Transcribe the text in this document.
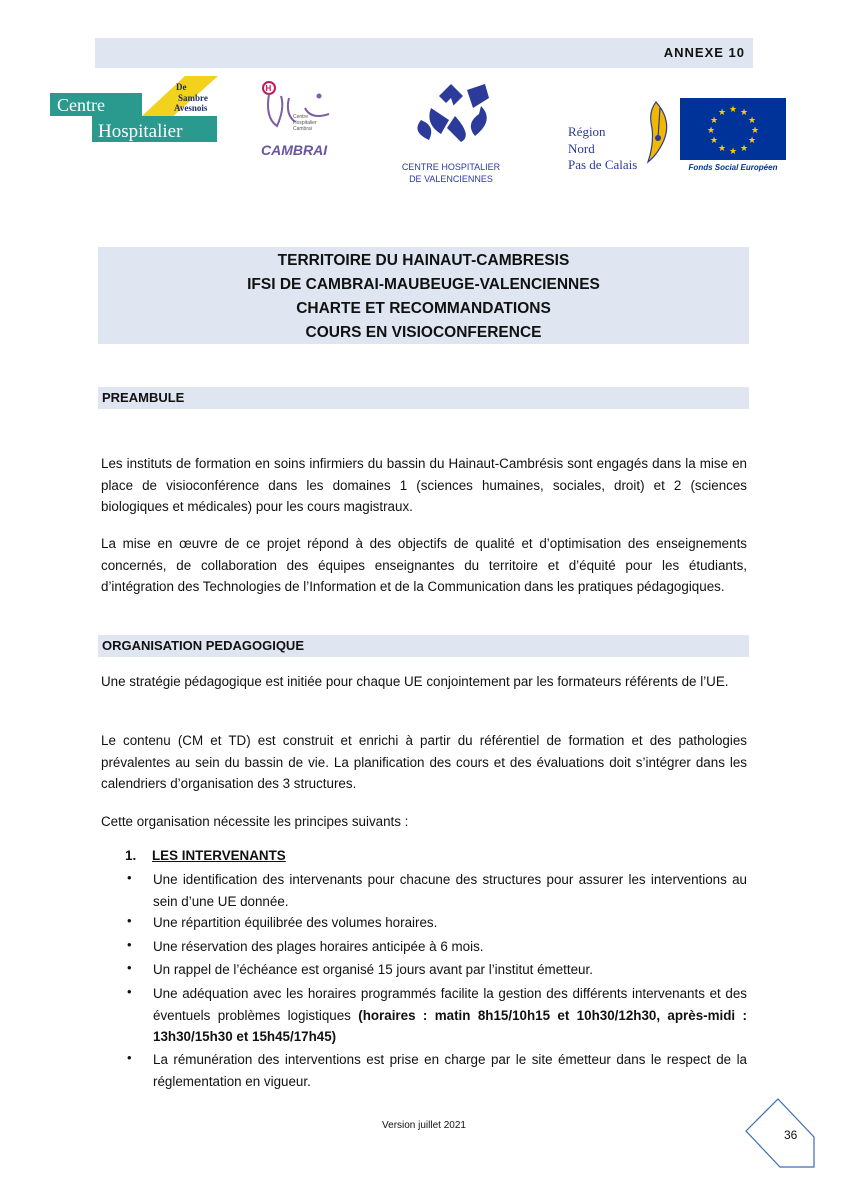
ANNEXE 10
Centre
Hospitalier
De
Sambre
Avesnois
H
Centre
Hospitalier
Cambrai
CAMBRAI
CENTRE HOSPITALIER
DE VALENCIENNES
Région
Nord
Pas de Calais
★ ★
★
★
★
★
★
★
★
★
★
★
Fonds Social Européen
TERRITOIRE DU HAINAUT-CAMBRESIS
IFSI DE CAMBRAI-MAUBEUGE-VALENCIENNES
CHARTE ET RECOMMANDATIONS
COURS EN VISIOCONFERENCE
PREAMBULE
Les instituts de formation en soins infirmiers du bassin du Hainaut-Cambrésis sont engagés dans la mise en place de visioconférence dans les domaines 1 (sciences humaines, sociales, droit) et 2 (sciences biologiques et médicales) pour les cours magistraux.
La mise en œuvre de ce projet répond à des objectifs de qualité et d’optimisation des enseignements concernés, de collaboration des équipes enseignantes du territoire et d’équité pour les étudiants, d’intégration des Technologies de l’Information et de la Communication dans les pratiques pédagogiques.
ORGANISATION PEDAGOGIQUE
Une stratégie pédagogique est initiée pour chaque UE conjointement par les formateurs référents de l’UE.
Le contenu (CM et TD) est construit et enrichi à partir du référentiel de formation et des pathologies prévalentes au sein du bassin de vie. La planification des cours et des évaluations doit s’intégrer dans les calendriers d’organisation des 3 structures.
Cette organisation nécessite les principes suivants :
1. LES INTERVENANTS
• Une identification des intervenants pour chacune des structures pour assurer les interventions au sein d’une UE donnée.
• Une répartition équilibrée des volumes horaires.
• Une réservation des plages horaires anticipée à 6 mois.
• Un rappel de l’échéance est organisé 15 jours avant par l’institut émetteur.
• Une adéquation avec les horaires programmés facilite la gestion des différents intervenants et des éventuels problèmes logistiques (horaires : matin 8h15/10h15 et 10h30/12h30, après-midi : 13h30/15h30 et 15h45/17h45)
• La rémunération des interventions est prise en charge par le site émetteur dans le respect de la réglementation en vigueur.
Version juillet 2021
36
